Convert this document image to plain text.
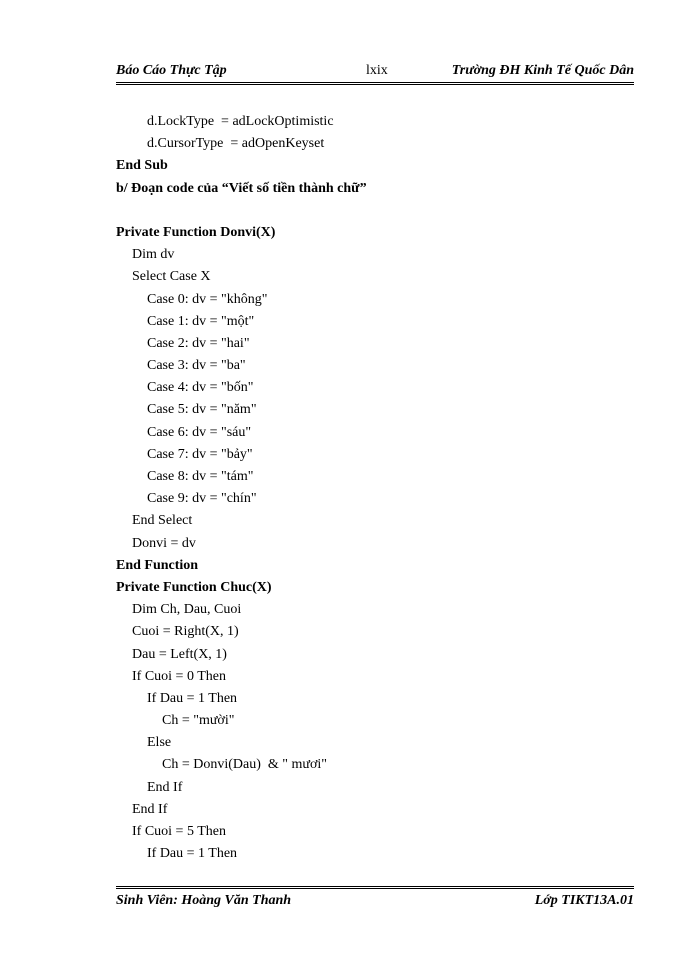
Báo Cáo Thực Tập	lxix	Trường ĐH Kinh Tế Quốc Dân
d.LockType  = adLockOptimistic
d.CursorType  = adOpenKeyset
End Sub
b/ Đoạn code của “Viết số tiền thành chữ”
Private Function Donvi(X)
Dim dv
Select Case X
Case 0: dv = "không"
Case 1: dv = "một"
Case 2: dv = "hai"
Case 3: dv = "ba"
Case 4: dv = "bốn"
Case 5: dv = "năm"
Case 6: dv = "sáu"
Case 7: dv = "bảy"
Case 8: dv = "tám"
Case 9: dv = "chín"
End Select
Donvi = dv
End Function
Private Function Chuc(X)
Dim Ch, Dau, Cuoi
Cuoi = Right(X, 1)
Dau = Left(X, 1)
If Cuoi = 0 Then
If Dau = 1 Then
Ch = "mười"
Else
Ch = Donvi(Dau)  & " mươi"
End If
End If
If Cuoi = 5 Then
If Dau = 1 Then
Sinh Viên: Hoàng Văn Thanh	Lớp TIKT13A.01
